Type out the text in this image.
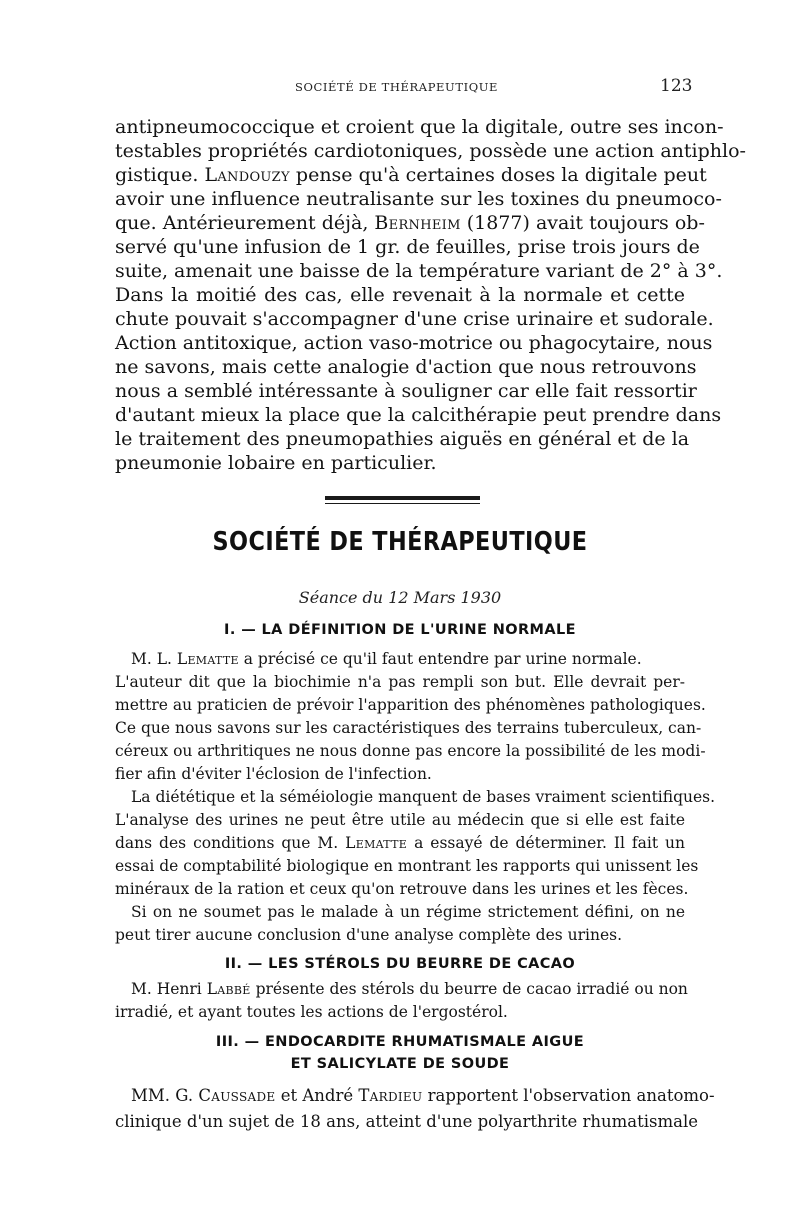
SOCIÉTÉ DE THÉRAPEUTIQUE	123
antipneumococcique et croient que la digitale, outre ses incon-
testables propriétés cardiotoniques, possède une action antiphlo-
gistique. Landouzy pense qu'à certaines doses la digitale peut
avoir une influence neutralisante sur les toxines du pneumoco-
que. Antérieurement déjà, Bernheim (1877) avait toujours ob-
servé qu'une infusion de 1 gr. de feuilles, prise trois jours de
suite, amenait une baisse de la température variant de 2° à 3°.
Dans la moitié des cas, elle revenait à la normale et cette
chute pouvait s'accompagner d'une crise urinaire et sudorale.
Action antitoxique, action vaso-motrice ou phagocytaire, nous
ne savons, mais cette analogie d'action que nous retrouvons
nous a semblé intéressante à souligner car elle fait ressortir
d'autant mieux la place que la calcithérapie peut prendre dans
le traitement des pneumopathies aiguës en général et de la
pneumonie lobaire en particulier.
SOCIÉTÉ DE THÉRAPEUTIQUE
Séance du 12 Mars 1930
I. — LA DÉFINITION DE L'URINE NORMALE
M. L. Lematte a précisé ce qu'il faut entendre par urine normale.
L'auteur dit que la biochimie n'a pas rempli son but. Elle devrait per-
mettre au praticien de prévoir l'apparition des phénomènes pathologiques.
Ce que nous savons sur les caractéristiques des terrains tuberculeux, can-
céreux ou arthritiques ne nous donne pas encore la possibilité de les modi-
fier afin d'éviter l'éclosion de l'infection.
La diététique et la séméiologie manquent de bases vraiment scientifiques.
L'analyse des urines ne peut être utile au médecin que si elle est faite
dans des conditions que M. Lematte a essayé de déterminer. Il fait un
essai de comptabilité biologique en montrant les rapports qui unissent les
minéraux de la ration et ceux qu'on retrouve dans les urines et les fèces.
Si on ne soumet pas le malade à un régime strictement défini, on ne
peut tirer aucune conclusion d'une analyse complète des urines.
II. — LES STÉROLS DU BEURRE DE CACAO
M. Henri Labbé présente des stérols du beurre de cacao irradié ou non
irradié, et ayant toutes les actions de l'ergostérol.
III. — ENDOCARDITE RHUMATISMALE AIGUE
ET SALICYLATE DE SOUDE
MM. G. Caussade et André Tardieu rapportent l'observation anatomo-
clinique d'un sujet de 18 ans, atteint d'une polyarthrite rhumatismale
